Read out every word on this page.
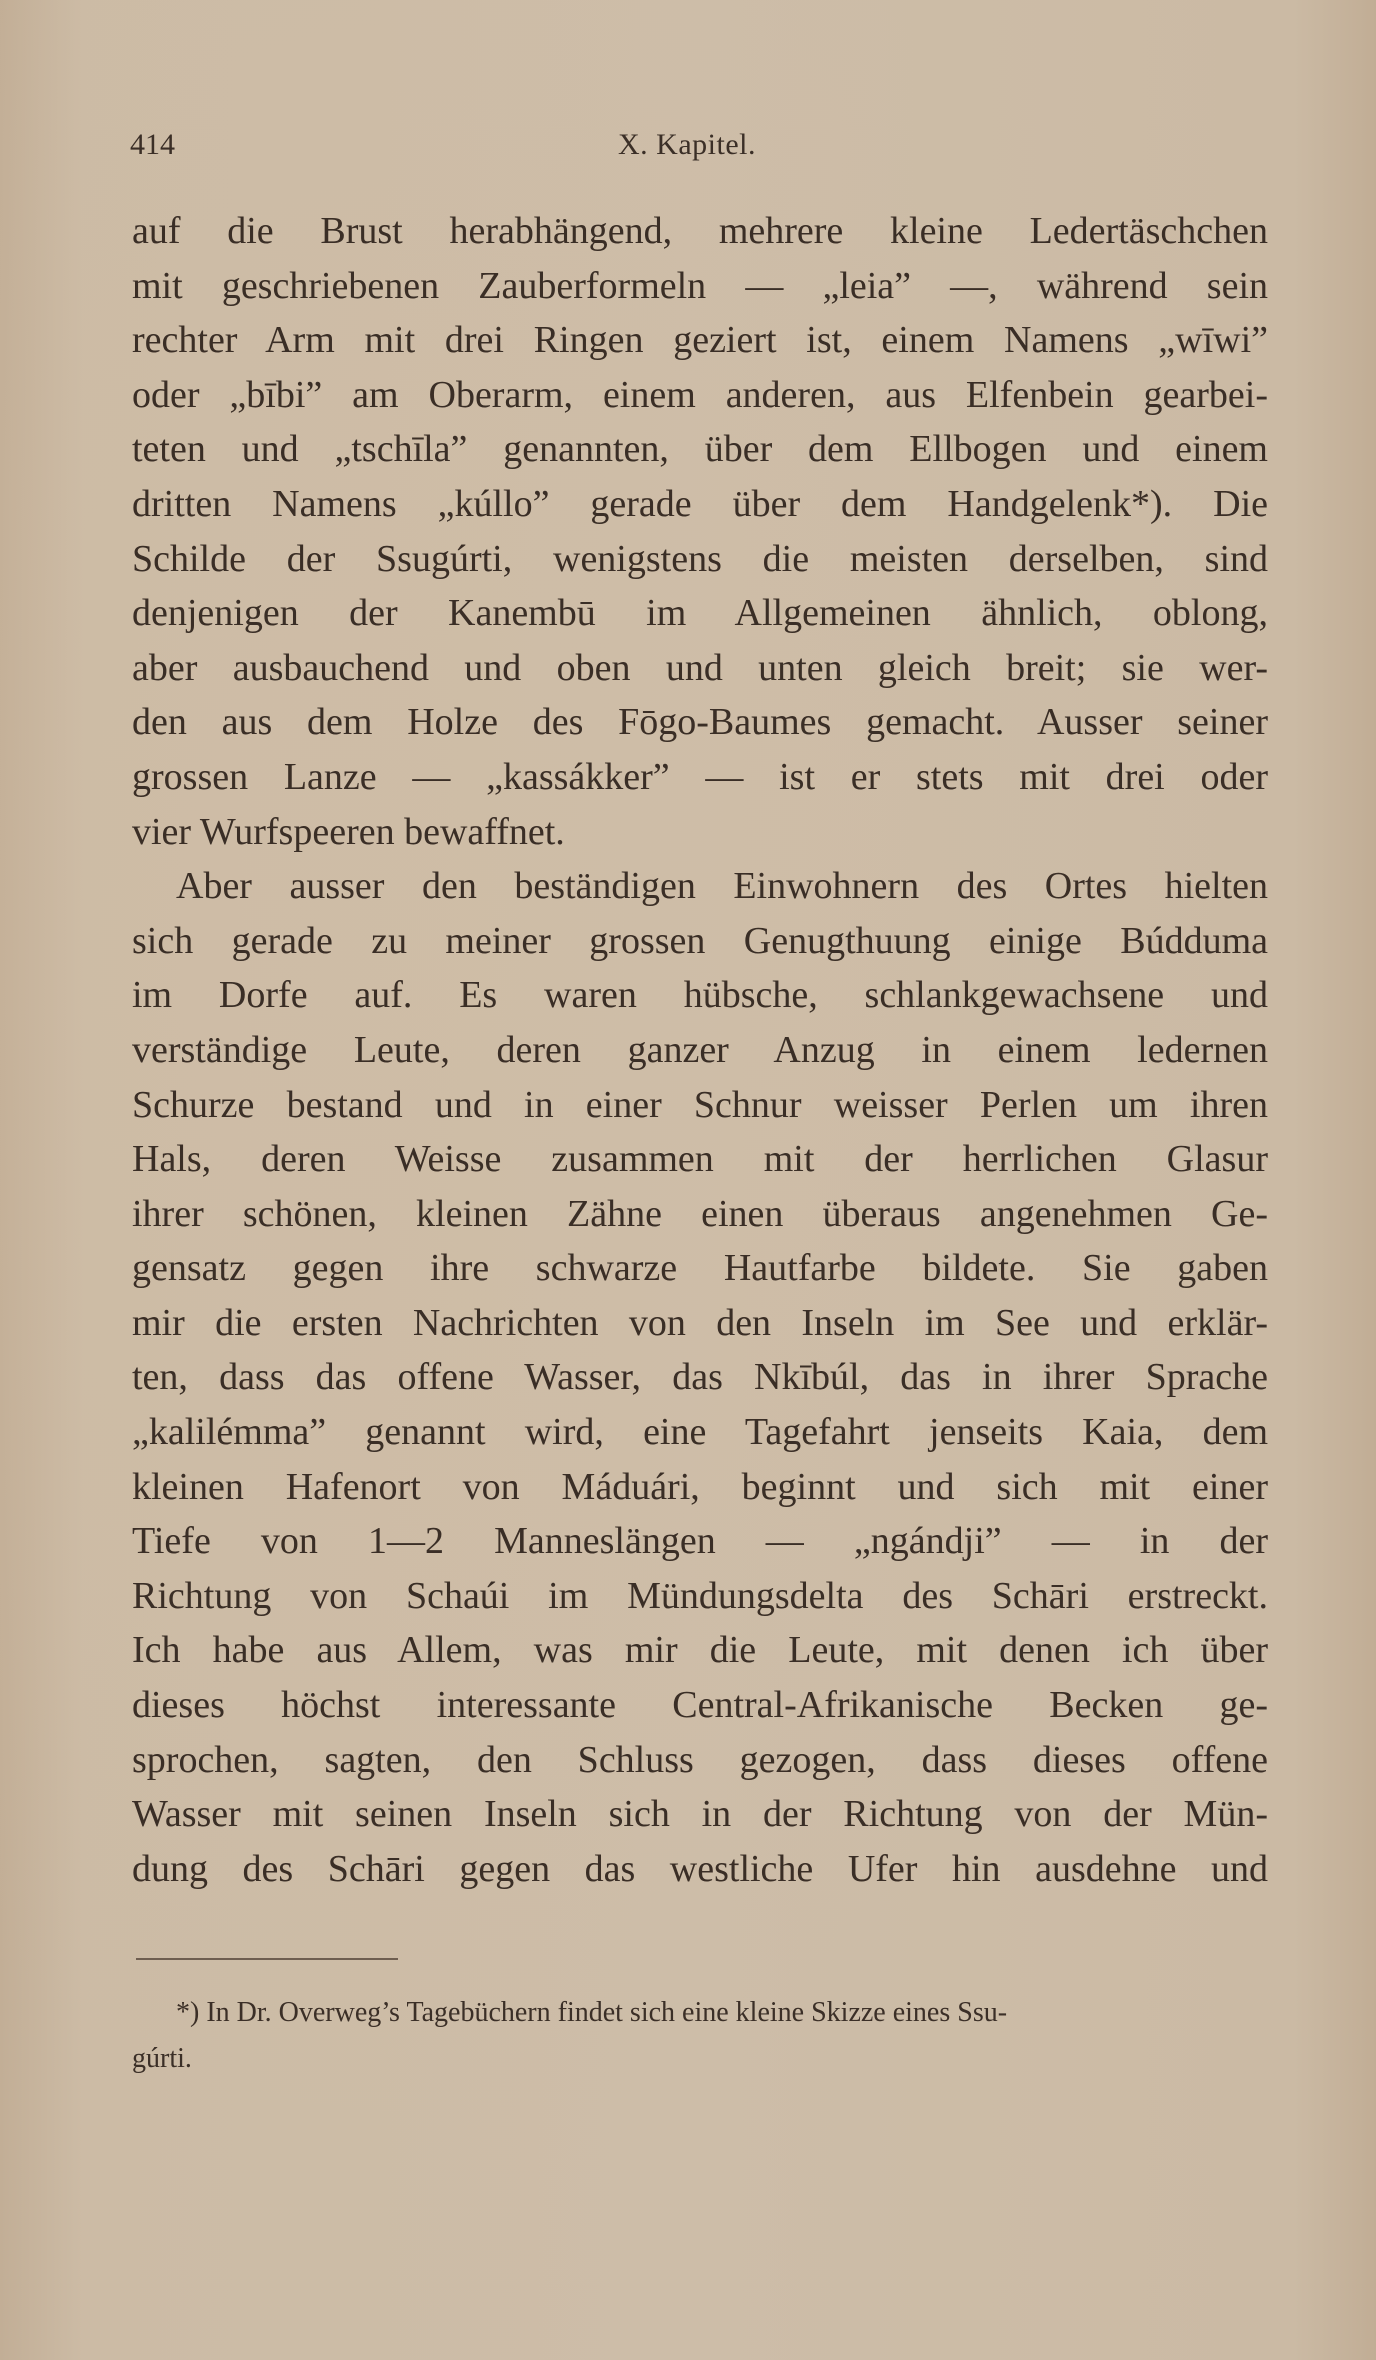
414	X. Kapitel.
auf die Brust herabhängend, mehrere kleine Ledertäschchen
mit geschriebenen Zauberformeln — „leia” —, während sein
rechter Arm mit drei Ringen geziert ist, einem Namens „wīwi”
oder „bībi” am Oberarm, einem anderen, aus Elfenbein gearbei-
teten und „tschīla” genannten, über dem Ellbogen und einem
dritten Namens „kúllo” gerade über dem Handgelenk*). Die
Schilde der Ssugúrti, wenigstens die meisten derselben, sind
denjenigen der Kanembū im Allgemeinen ähnlich, oblong,
aber ausbauchend und oben und unten gleich breit; sie wer-
den aus dem Holze des Fōgo-Baumes gemacht. Ausser seiner
grossen Lanze — „kassákker” — ist er stets mit drei oder
vier Wurfspeeren bewaffnet.
Aber ausser den beständigen Einwohnern des Ortes hielten
sich gerade zu meiner grossen Genugthuung einige Búdduma
im Dorfe auf. Es waren hübsche, schlankgewachsene und
verständige Leute, deren ganzer Anzug in einem ledernen
Schurze bestand und in einer Schnur weisser Perlen um ihren
Hals, deren Weisse zusammen mit der herrlichen Glasur
ihrer schönen, kleinen Zähne einen überaus angenehmen Ge-
gensatz gegen ihre schwarze Hautfarbe bildete. Sie gaben
mir die ersten Nachrichten von den Inseln im See und erklär-
ten, dass das offene Wasser, das Nkībúl, das in ihrer Sprache
„kalilémma” genannt wird, eine Tagefahrt jenseits Kaia, dem
kleinen Hafenort von Máduári, beginnt und sich mit einer
Tiefe von 1—2 Mannеslängen — „ngándji” — in der
Richtung von Schaúi im Mündungsdelta des Schāri erstreckt.
Ich habe aus Allem, was mir die Leute, mit denen ich über
dieses höchst interessante Central-Afrikanische Becken ge-
sprochen, sagten, den Schluss gezogen, dass dieses offene
Wasser mit seinen Inseln sich in der Richtung von der Mün-
dung des Schāri gegen das westliche Ufer hin ausdehne und
*) In Dr. Overweg’s Tagebüchern findet sich eine kleine Skizze eines Ssu-
gúrti.
